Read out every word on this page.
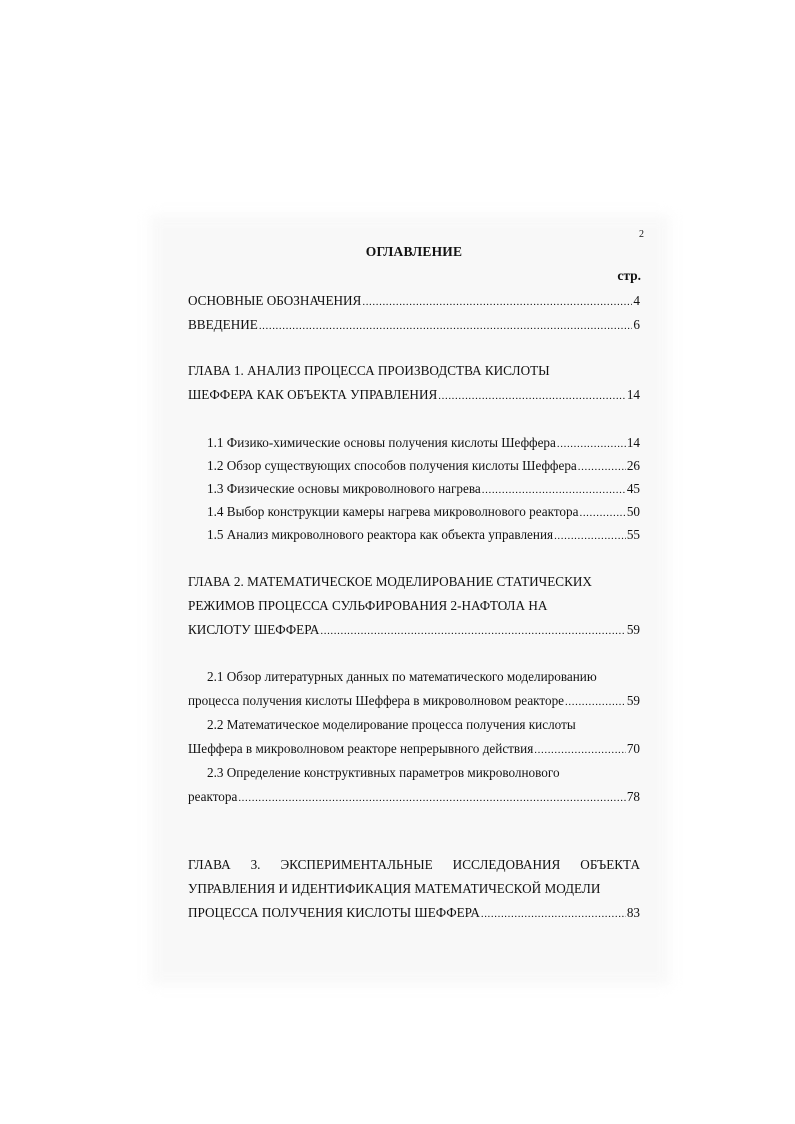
2
ОГЛАВЛЕНИЕ
стр.
ОСНОВНЫЕ ОБОЗНАЧЕНИЯ .....	4
ВВЕДЕНИЕ .....	6
ГЛАВА 1. АНАЛИЗ ПРОЦЕССА ПРОИЗВОДСТВА КИСЛОТЫ
ШЕФФЕРА КАК ОБЪЕКТА УПРАВЛЕНИЯ .....	14
1.1 Физико-химические основы получения кислоты Шеффера .....	14
1.2 Обзор существующих способов получения кислоты Шеффера .....	26
1.3 Физические основы микроволнового нагрева .....	45
1.4 Выбор конструкции камеры нагрева микроволнового реактора .....	50
1.5 Анализ микроволнового реактора как объекта управления .....	55
ГЛАВА 2. МАТЕМАТИЧЕСКОЕ МОДЕЛИРОВАНИЕ СТАТИЧЕСКИХ
РЕЖИМОВ ПРОЦЕССА СУЛЬФИРОВАНИЯ 2-НАФТОЛА НА
КИСЛОТУ ШЕФФЕРА .....	59
2.1 Обзор литературных данных по математического моделированию
процесса получения кислоты Шеффера в микроволновом реакторе .....	59
2.2 Математическое моделирование процесса получения кислоты
Шеффера в микроволновом реакторе непрерывного действия .....	70
2.3 Определение конструктивных параметров микроволнового
реактора .....	78
ГЛАВА 3. ЭКСПЕРИМЕНТАЛЬНЫЕ ИССЛЕДОВАНИЯ ОБЪЕКТА
УПРАВЛЕНИЯ И ИДЕНТИФИКАЦИЯ МАТЕМАТИЧЕСКОЙ МОДЕЛИ
ПРОЦЕССА ПОЛУЧЕНИЯ КИСЛОТЫ ШЕФФЕРА .....	83
